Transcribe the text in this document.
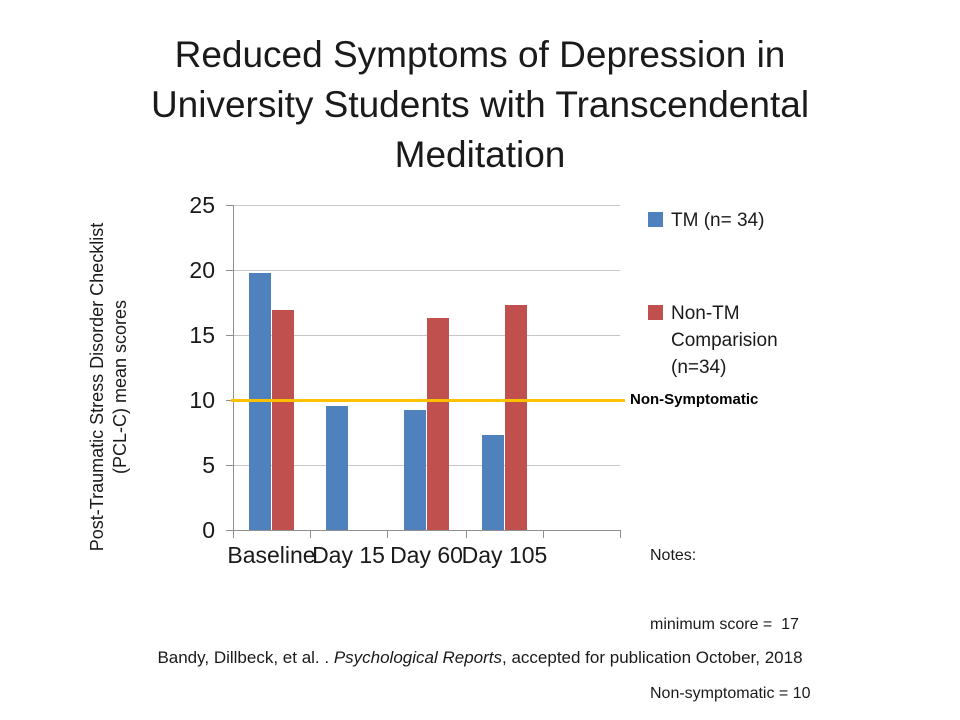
Reduced Symptoms of Depression in University Students with Transcendental Meditation
0
5
10
15
20
25
Baseline
Day 15 Day 60
Day 105
Post-Traumatic Stress Disorder Checklist (PCL-C) mean scores
TM (n= 34)
Non-TM Comparision (n=34)
Non-Symptomatic

Notes:

minimum score =  17

Non-symptomatic = 10

Bandy, Dillbeck, et al. . Psychological Reports, accepted for publication October, 2018
